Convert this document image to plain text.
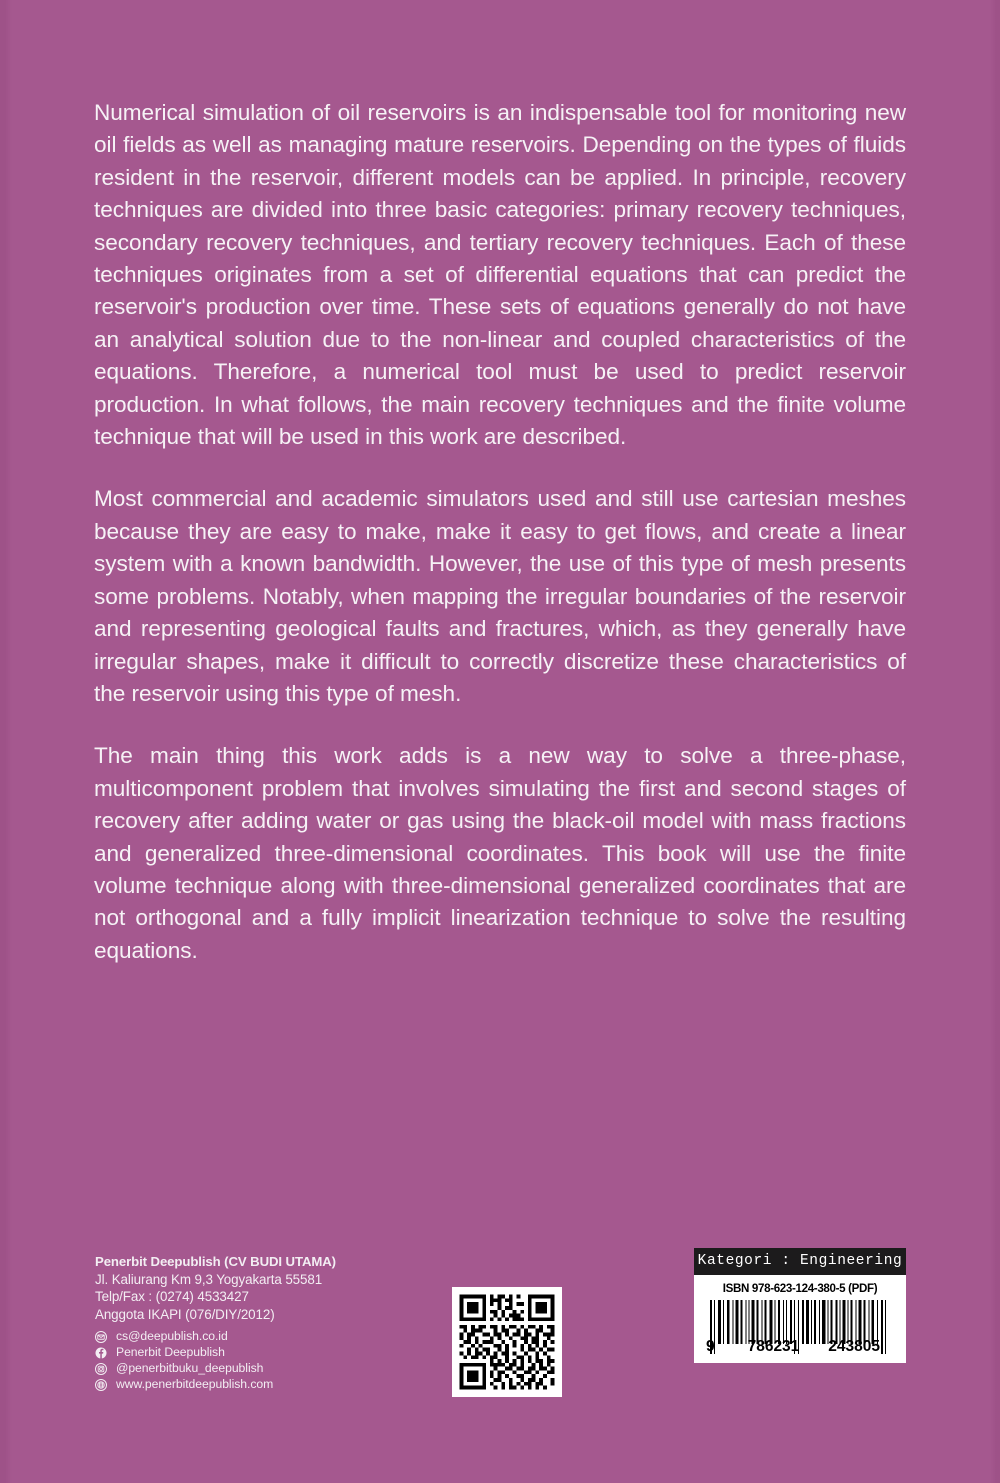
Numerical simulation of oil reservoirs is an indispensable tool for monitoring new oil fields as well as managing mature reservoirs. Depending on the types of fluids resident in the reservoir, different models can be applied. In principle, recovery techniques are divided into three basic categories: primary recovery techniques, secondary recovery techniques, and tertiary recovery techniques. Each of these techniques originates from a set of differential equations that can predict the reservoir's production over time. These sets of equations generally do not have an analytical solution due to the non-linear and coupled characteristics of the equations. Therefore, a numerical tool must be used to predict reservoir production. In what follows, the main recovery techniques and the finite volume technique that will be used in this work are described.

Most commercial and academic simulators used and still use cartesian meshes because they are easy to make, make it easy to get flows, and create a linear system with a known bandwidth. However, the use of this type of mesh presents some problems. Notably, when mapping the irregular boundaries of the reservoir and representing geological faults and fractures, which, as they generally have irregular shapes, make it difficult to correctly discretize these characteristics of the reservoir using this type of mesh.

The main thing this work adds is a new way to solve a three-phase, multicomponent problem that involves simulating the first and second stages of recovery after adding water or gas using the black-oil model with mass fractions and generalized three-dimensional coordinates. This book will use the finite volume technique along with three-dimensional generalized coordinates that are not orthogonal and a fully implicit linearization technique to solve the resulting equations.

Penerbit Deepublish (CV BUDI UTAMA)
Jl. Kaliurang Km 9,3 Yogyakarta 55581
Telp/Fax : (0274) 4533427
Anggota IKAPI (076/DIY/2012)
cs@deepublish.co.id
Penerbit Deepublish
@penerbitbuku_deepublish
www.penerbitdeepublish.com
Kategori : Engineering
ISBN 978-623-124-380-5 (PDF)
9 786231 243805
